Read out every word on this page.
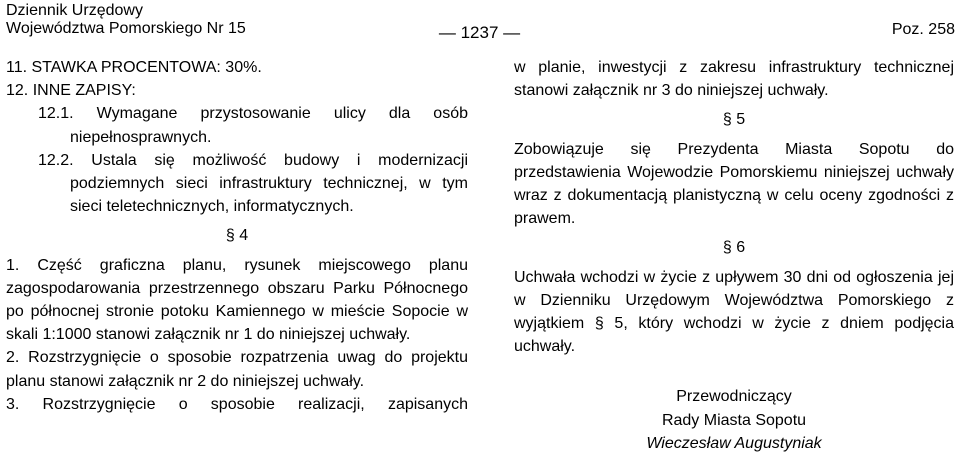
Dziennik Urzędowy
Województwa Pomorskiego Nr 15	— 1237 —	Poz. 258

11. STAWKA PROCENTOWA: 30%.

12. INNE ZAPISY:

12.1. Wymagane przystosowanie ulicy dla osób niepełnosprawnych.

12.2. Ustala się możliwość budowy i modernizacji podziemnych sieci infrastruktury technicznej, w tym sieci teletechnicznych, informatycznych.

§ 4

1. Część graficzna planu, rysunek miejscowego planu zagospodarowania przestrzennego obszaru Parku Północnego po północnej stronie potoku Kamiennego w mieście Sopocie w skali 1:1000 stanowi załącznik nr 1 do niniejszej uchwały.

2. Rozstrzygnięcie o sposobie rozpatrzenia uwag do projektu planu stanowi załącznik nr 2 do niniejszej uchwały.

3. Rozstrzygnięcie o sposobie realizacji, zapisanych

w planie, inwestycji z zakresu infrastruktury technicznej stanowi załącznik nr 3 do niniejszej uchwały.

§ 5

Zobowiązuje się Prezydenta Miasta Sopotu do przedstawienia Wojewodzie Pomorskiemu niniejszej uchwały wraz z dokumentacją planistyczną w celu oceny zgodności z prawem.

§ 6

Uchwała wchodzi w życie z upływem 30 dni od ogłoszenia jej w Dzienniku Urzędowym Województwa Pomorskiego z wyjątkiem § 5, który wchodzi w życie z dniem podjęcia uchwały.

Przewodniczący

Rady Miasta Sopotu

Wieczesław Augustyniak
